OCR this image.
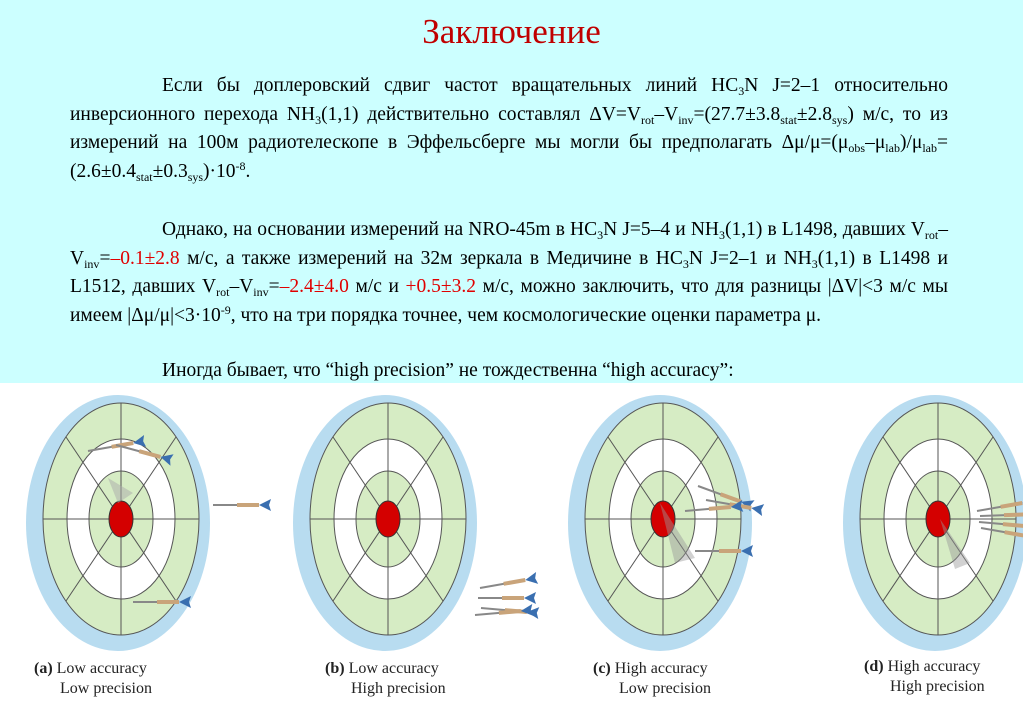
Заключение

Если бы доплеровский сдвиг частот вращательных линий $HC_3N$ J=2–1 относительно инверсионного перехода $NH_3(1,1)$ действительно составлял $\Delta V=V_{rot}-V_{inv}=(27.7\pm 3.8_{stat}\pm 2.8_{sys})$ м/с, то из измерений на 100м радиотелескопе в Эффельсберге мы могли бы предполагать $\Delta\mu/\mu=(\mu_{obs}-\mu_{lab})/\mu_{lab}=(2.6\pm 0.4_{stat}\pm 0.3_{sys})\cdot 10^{-8}$.

Однако, на основании измерений на NRO-45m в $HC_3N$ J=5–4 и $NH_3(1,1)$ в L1498, давших $V_{rot}-V_{inv}=-0.1\pm 2.8$ м/с, а также измерений на 32м зеркала в Медичине в $HC_3N$ J=2–1 и $NH_3(1,1)$ в L1498 и L1512, давших $V_{rot}-V_{inv}=-2.4\pm 4.0$ м/с и +0.5±3.2 м/с, можно заключить, что для разницы |ΔV|<3 м/с мы имеем $|\Delta\mu/\mu|<3\cdot 10^{-9}$, что на три порядка точнее, чем космологические оценки параметра μ.

Иногда бывает, что “high precision” не тождественна “high accuracy”:

(a) Low accuracy
Low precision
(b) Low accuracy
High precision
(c) High accuracy
Low precision
(d) High accuracy
High precision
